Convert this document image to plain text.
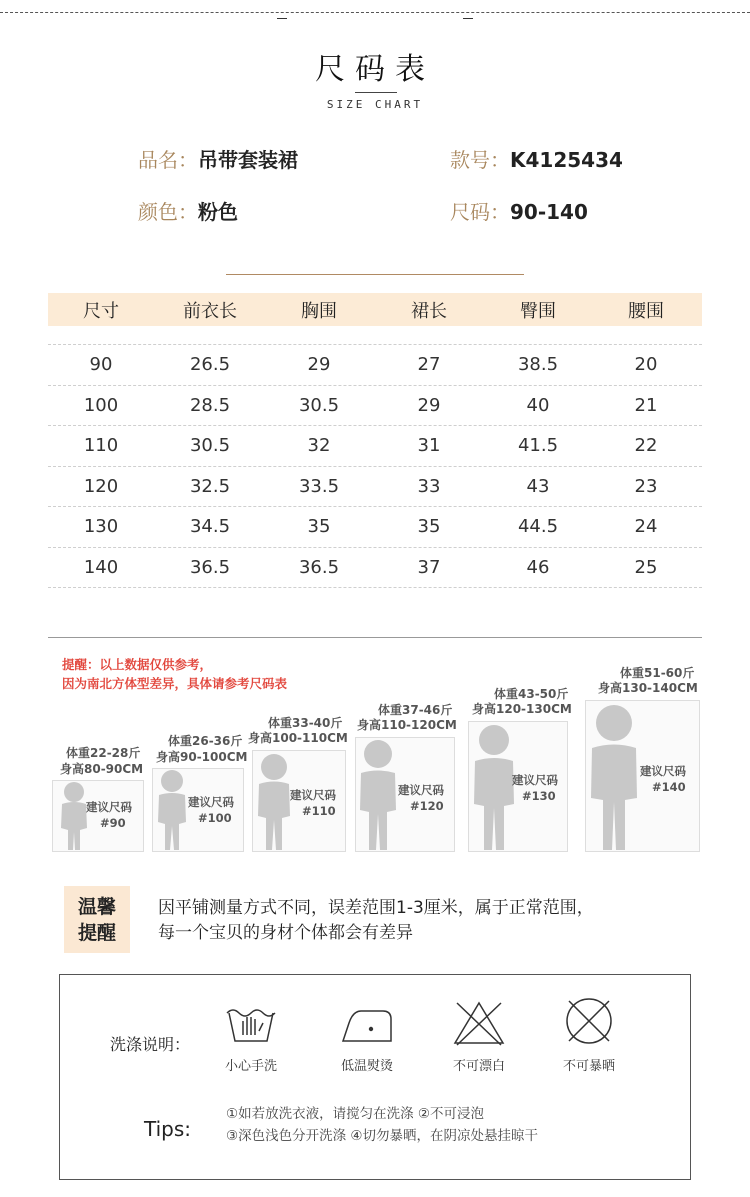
尺码表
SIZE CHART
品名：吊带套装裙	款号：K4125434
颜色：粉色	尺码：90-140
尺寸	前衣长	胸围	裙长	臀围	腰围
90	26.5	29	27	38.5	20
100	28.5	30.5	29	40	21
110	30.5	32	31	41.5	22
120	32.5	33.5	33	43	23
130	34.5	35	35	44.5	24
140	36.5	36.5	37	46	25
提醒：以上数据仅供参考，
因为南北方体型差异，具体请参考尺码表
体重22-28斤
身高80-90CM
建议尺码
#90
体重26-36斤
身高90-100CM
建议尺码
#100
体重33-40斤
身高100-110CM
建议尺码
#110
体重37-46斤
身高110-120CM
建议尺码
#120
体重43-50斤
身高120-130CM
建议尺码
#130
体重51-60斤
身高130-140CM
建议尺码
#140
温馨
提醒
因平铺测量方式不同，误差范围1-3厘米，属于正常范围，
每一个宝贝的身材个体都会有差异
洗涤说明：
小心手洗	低温熨烫	不可漂白	不可暴晒
Tips:
①如若放洗衣液，请搅匀在洗涤 ②不可浸泡
③深色浅色分开洗涤 ④切勿暴晒，在阴凉处悬挂晾干
